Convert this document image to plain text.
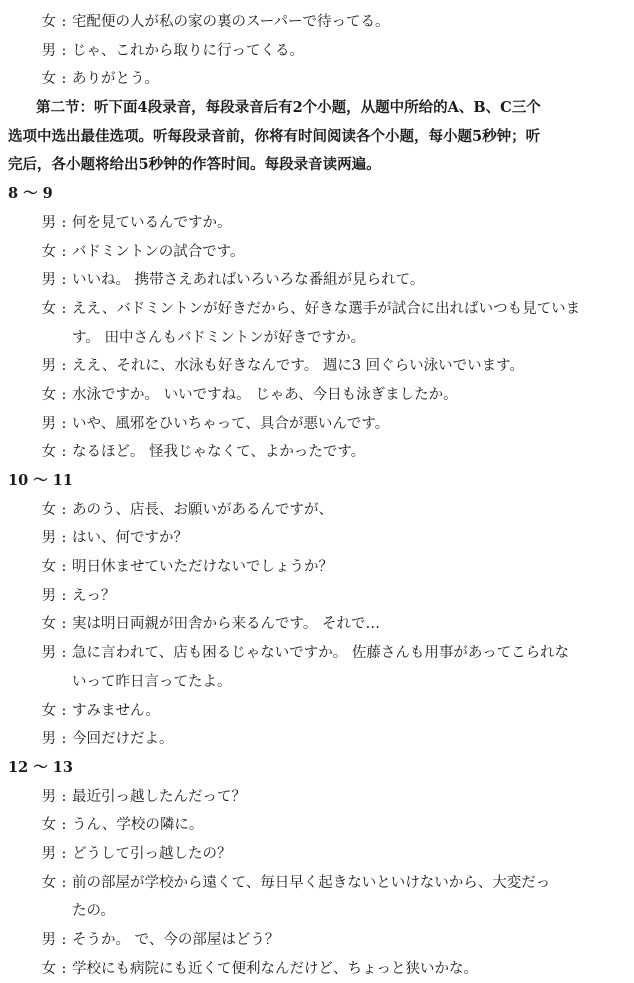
女 : 宅配便の人が私の家の裏のスーパーで待ってる。
男 : じゃ、これから取りに行ってくる。
女 : ありがとう。
第二节：听下面4段录音，每段录音后有2个小题，从题中所给的A、B、C三个
选项中选出最佳选项。听每段录音前，你将有时间阅读各个小题，每小题5秒钟；听
完后，各小题将给出5秒钟的作答时间。每段录音读两遍。
8 ～ 9
男 : 何を見ているんですか。
女 : バドミントンの試合です。
男 : いいね。 携帯さえあればいろいろな番組が見られて。
女 : ええ、バドミントンが好きだから、好きな選手が試合に出ればいつも見ていま
す。 田中さんもバドミントンが好きですか。
男 : ええ、それに、水泳も好きなんです。 週に3 回ぐらい泳いでいます。
女 : 水泳ですか。 いいですね。 じゃあ、今日も泳ぎましたか。
男 : いや、風邪をひいちゃって、具合が悪いんです。
女 : なるほど。 怪我じゃなくて、よかったです。
10 ～ 11
女 : あのう、店長、お願いがあるんですが、
男 : はい、何ですか？
女 : 明日休ませていただけないでしょうか？
男 : えっ？
女 : 実は明日両親が田舎から来るんです。 それで…
男 : 急に言われて、店も困るじゃないですか。 佐藤さんも用事があってこられな
いって昨日言ってたよ。
女 : すみません。
男 : 今回だけだよ。
12 ～ 13
男 : 最近引っ越したんだって？
女 : うん、学校の隣に。
男 : どうして引っ越したの？
女 : 前の部屋が学校から遠くて、毎日早く起きないといけないから、大変だっ
たの。
男 : そうか。 で、今の部屋はどう？
女 : 学校にも病院にも近くて便利なんだけど、ちょっと狭いかな。
